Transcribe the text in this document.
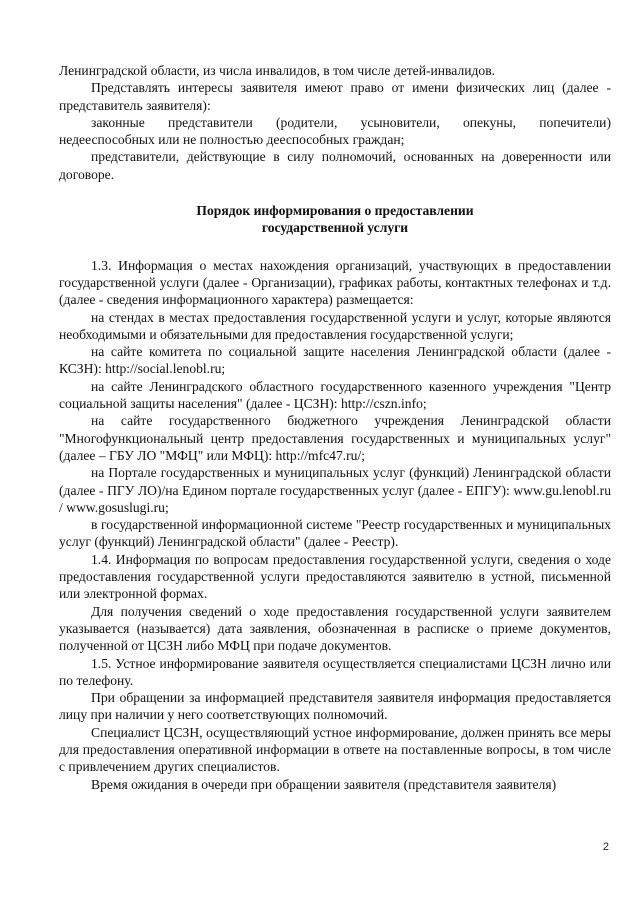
Ленинградской области, из числа инвалидов, в том числе детей-инвалидов.

Представлять интересы заявителя имеют право от имени физических лиц (далее - представитель заявителя):

законные представители (родители, усыновители, опекуны, попечители) недееспособных или не полностью дееспособных граждан;

представители, действующие в силу полномочий, основанных на доверенности или договоре.

Порядок информирования о предоставлении
государственной услуги

1.3. Информация о местах нахождения организаций, участвующих в предоставлении государственной услуги (далее - Организации), графиках работы, контактных телефонах и т.д. (далее - сведения информационного характера) размещается:

на стендах в местах предоставления государственной услуги и услуг, которые являются необходимыми и обязательными для предоставления государственной услуги;

на сайте комитета по социальной защите населения Ленинградской области (далее - КСЗН): http://social.lenobl.ru;

на сайте Ленинградского областного государственного казенного учреждения "Центр социальной защиты населения" (далее - ЦСЗН): http://cszn.info;

на сайте государственного бюджетного учреждения Ленинградской области "Многофункциональный центр предоставления государственных и муниципальных услуг" (далее – ГБУ ЛО "МФЦ" или МФЦ): http://mfc47.ru/;

на Портале государственных и муниципальных услуг (функций) Ленинградской области (далее - ПГУ ЛО)/на Едином портале государственных услуг (далее - ЕПГУ): www.gu.lenobl.ru / www.gosuslugi.ru;

в государственной информационной системе "Реестр государственных и муниципальных услуг (функций) Ленинградской области" (далее - Реестр).

1.4. Информация по вопросам предоставления государственной услуги, сведения о ходе предоставления государственной услуги предоставляются заявителю в устной, письменной или электронной формах.

Для получения сведений о ходе предоставления государственной услуги заявителем указывается (называется) дата заявления, обозначенная в расписке о приеме документов, полученной от ЦСЗН либо МФЦ при подаче документов.

1.5. Устное информирование заявителя осуществляется специалистами ЦСЗН лично или по телефону.

При обращении за информацией представителя заявителя информация предоставляется лицу при наличии у него соответствующих полномочий.

Специалист ЦСЗН, осуществляющий устное информирование, должен принять все меры для предоставления оперативной информации в ответе на поставленные вопросы, в том числе с привлечением других специалистов.

Время ожидания в очереди при обращении заявителя (представителя заявителя)

2
